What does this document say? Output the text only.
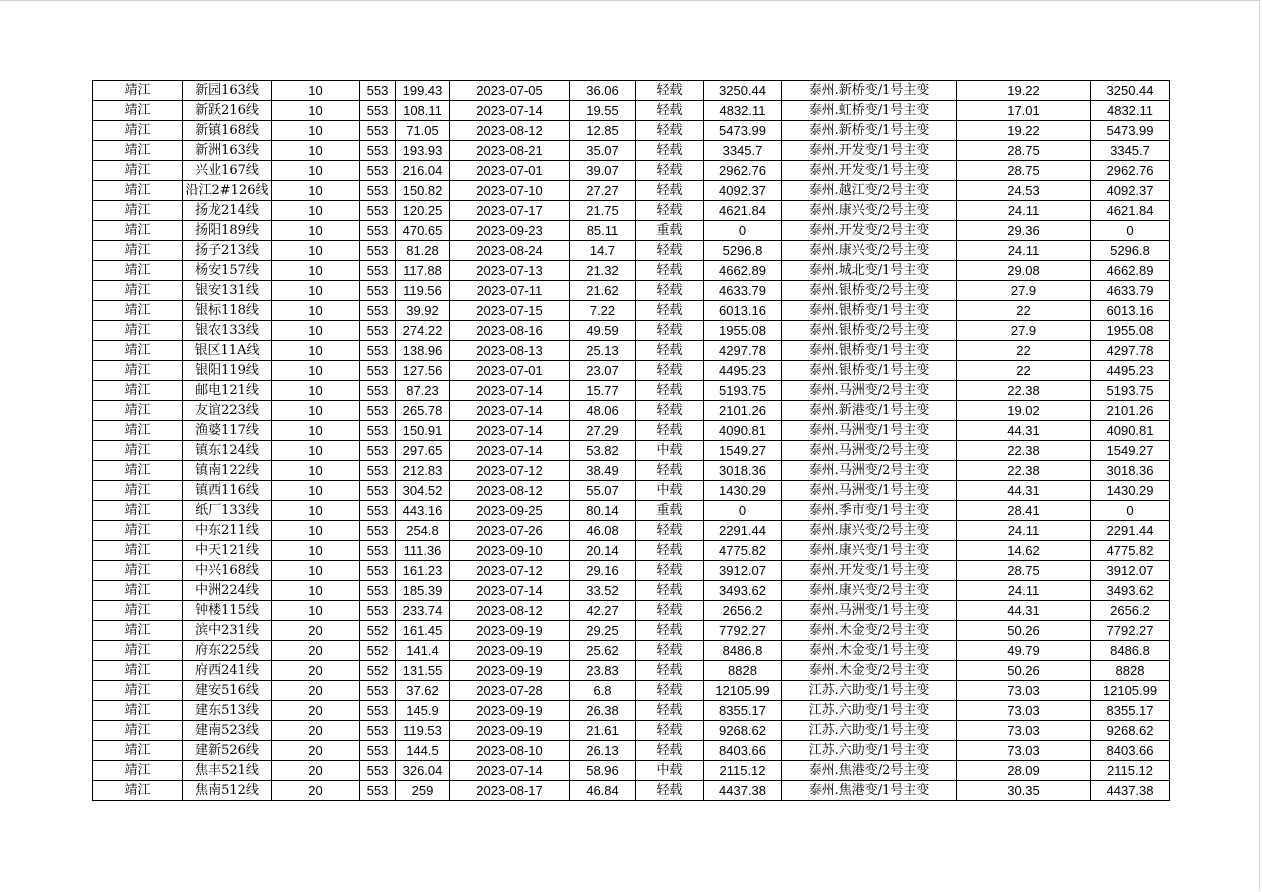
靖江	新园163线	10	553	199.43	2023-07-05	36.06	轻载	3250.44	泰州.新桥变/1号主变	19.22	3250.44
靖江	新跃216线	10	553	108.11	2023-07-14	19.55	轻载	4832.11	泰州.虹桥变/1号主变	17.01	4832.11
靖江	新镇168线	10	553	71.05	2023-08-12	12.85	轻载	5473.99	泰州.新桥变/1号主变	19.22	5473.99
靖江	新洲163线	10	553	193.93	2023-08-21	35.07	轻载	3345.7	泰州.开发变/1号主变	28.75	3345.7
靖江	兴业167线	10	553	216.04	2023-07-01	39.07	轻载	2962.76	泰州.开发变/1号主变	28.75	2962.76
靖江	沿江2#126线	10	553	150.82	2023-07-10	27.27	轻载	4092.37	泰州.越江变/2号主变	24.53	4092.37
靖江	扬龙214线	10	553	120.25	2023-07-17	21.75	轻载	4621.84	泰州.康兴变/2号主变	24.11	4621.84
靖江	扬阳189线	10	553	470.65	2023-09-23	85.11	重载	0	泰州.开发变/2号主变	29.36	0
靖江	扬子213线	10	553	81.28	2023-08-24	14.7	轻载	5296.8	泰州.康兴变/2号主变	24.11	5296.8
靖江	杨安157线	10	553	117.88	2023-07-13	21.32	轻载	4662.89	泰州.城北变/1号主变	29.08	4662.89
靖江	银安131线	10	553	119.56	2023-07-11	21.62	轻载	4633.79	泰州.银桥变/2号主变	27.9	4633.79
靖江	银标118线	10	553	39.92	2023-07-15	7.22	轻载	6013.16	泰州.银桥变/1号主变	22	6013.16
靖江	银农133线	10	553	274.22	2023-08-16	49.59	轻载	1955.08	泰州.银桥变/2号主变	27.9	1955.08
靖江	银区11A线	10	553	138.96	2023-08-13	25.13	轻载	4297.78	泰州.银桥变/1号主变	22	4297.78
靖江	银阳119线	10	553	127.56	2023-07-01	23.07	轻载	4495.23	泰州.银桥变/1号主变	22	4495.23
靖江	邮电121线	10	553	87.23	2023-07-14	15.77	轻载	5193.75	泰州.马洲变/2号主变	22.38	5193.75
靖江	友谊223线	10	553	265.78	2023-07-14	48.06	轻载	2101.26	泰州.新港变/1号主变	19.02	2101.26
靖江	渔婆117线	10	553	150.91	2023-07-14	27.29	轻载	4090.81	泰州.马洲变/1号主变	44.31	4090.81
靖江	镇东124线	10	553	297.65	2023-07-14	53.82	中载	1549.27	泰州.马洲变/2号主变	22.38	1549.27
靖江	镇南122线	10	553	212.83	2023-07-12	38.49	轻载	3018.36	泰州.马洲变/2号主变	22.38	3018.36
靖江	镇西116线	10	553	304.52	2023-08-12	55.07	中载	1430.29	泰州.马洲变/1号主变	44.31	1430.29
靖江	纸厂133线	10	553	443.16	2023-09-25	80.14	重载	0	泰州.季市变/1号主变	28.41	0
靖江	中东211线	10	553	254.8	2023-07-26	46.08	轻载	2291.44	泰州.康兴变/2号主变	24.11	2291.44
靖江	中天121线	10	553	111.36	2023-09-10	20.14	轻载	4775.82	泰州.康兴变/1号主变	14.62	4775.82
靖江	中兴168线	10	553	161.23	2023-07-12	29.16	轻载	3912.07	泰州.开发变/1号主变	28.75	3912.07
靖江	中洲224线	10	553	185.39	2023-07-14	33.52	轻载	3493.62	泰州.康兴变/2号主变	24.11	3493.62
靖江	钟楼115线	10	553	233.74	2023-08-12	42.27	轻载	2656.2	泰州.马洲变/1号主变	44.31	2656.2
靖江	滨中231线	20	552	161.45	2023-09-19	29.25	轻载	7792.27	泰州.木金变/2号主变	50.26	7792.27
靖江	府东225线	20	552	141.4	2023-09-19	25.62	轻载	8486.8	泰州.木金变/1号主变	49.79	8486.8
靖江	府西241线	20	552	131.55	2023-09-19	23.83	轻载	8828	泰州.木金变/2号主变	50.26	8828
靖江	建安516线	20	553	37.62	2023-07-28	6.8	轻载	12105.99	江苏.六助变/1号主变	73.03	12105.99
靖江	建东513线	20	553	145.9	2023-09-19	26.38	轻载	8355.17	江苏.六助变/1号主变	73.03	8355.17
靖江	建南523线	20	553	119.53	2023-09-19	21.61	轻载	9268.62	江苏.六助变/1号主变	73.03	9268.62
靖江	建新526线	20	553	144.5	2023-08-10	26.13	轻载	8403.66	江苏.六助变/1号主变	73.03	8403.66
靖江	焦丰521线	20	553	326.04	2023-07-14	58.96	中载	2115.12	泰州.焦港变/2号主变	28.09	2115.12
靖江	焦南512线	20	553	259	2023-08-17	46.84	轻载	4437.38	泰州.焦港变/1号主变	30.35	4437.38
